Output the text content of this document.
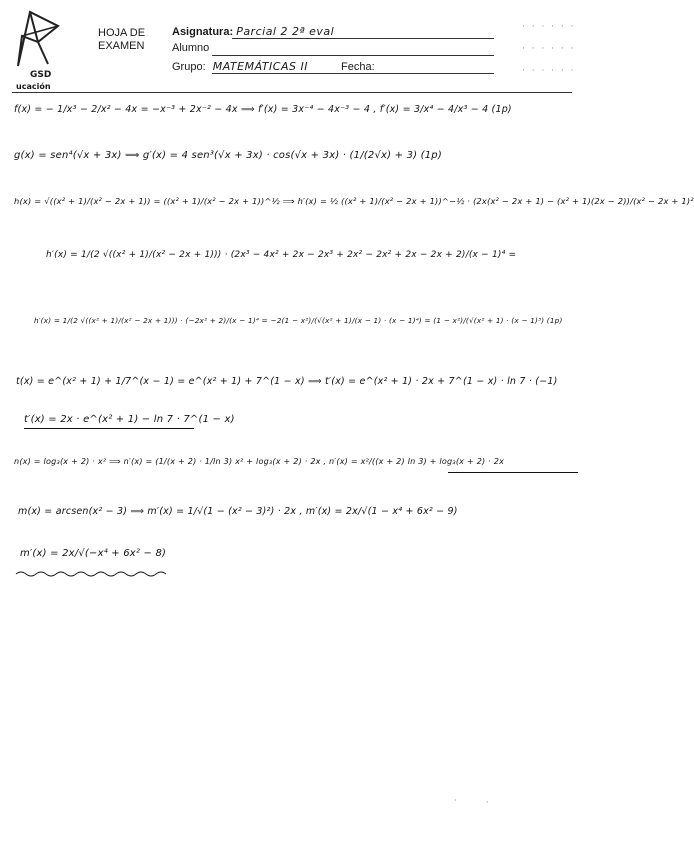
GSD
ucación
HOJA DE EXAMEN
Asignatura: Parcial 2 2ª eval
Alumno
Grupo: MATEMÁTICAS II	Fecha:
· · · · · ·
· · · · · ·
· · · · · ·
f(x) = − 1/x³ − 2/x² − 4x = −x⁻³ + 2x⁻² − 4x ⟹ f′(x) = 3x⁻⁴ − 4x⁻³ − 4 , f′(x) = 3/x⁴ − 4/x³ − 4 (1p)
g(x) = sen⁴(√x + 3x) ⟹ g′(x) = 4 sen³(√x + 3x) · cos(√x + 3x) · (1/(2√x) + 3) (1p)
h(x) = √((x² + 1)/(x² − 2x + 1)) = ((x² + 1)/(x² − 2x + 1))^½ ⟹ h′(x) = ½ ((x² + 1)/(x² − 2x + 1))^−½ · (2x(x² − 2x + 1) − (x² + 1)(2x − 2))/(x² − 2x + 1)²
h′(x) = 1/(2 √((x² + 1)/(x² − 2x + 1))) · (2x³ − 4x² + 2x − 2x³ + 2x² − 2x² + 2x − 2x + 2)/(x − 1)⁴ =
h′(x) = 1/(2 √((x² + 1)/(x² − 2x + 1))) · (−2x² + 2)/(x − 1)⁴ = −2(1 − x²)/(√(x² + 1)/(x − 1) · (x − 1)⁴) = (1 − x²)/(√(x² + 1) · (x − 1)³) (1p)
t(x) = e^(x² + 1) + 1/7^(x − 1) = e^(x² + 1) + 7^(1 − x) ⟹ t′(x) = e^(x² + 1) · 2x + 7^(1 − x) · ln 7 · (−1)
t′(x) = 2x · e^(x² + 1) − ln 7 · 7^(1 − x)
n(x) = log₃(x + 2) · x² ⟹ n′(x) = (1/(x + 2) · 1/ln 3) x² + log₃(x + 2) · 2x , n′(x) = x²/((x + 2) ln 3) + log₃(x + 2) · 2x
m(x) = arcsen(x² − 3) ⟹ m′(x) = 1/√(1 − (x² − 3)²) · 2x , m′(x) = 2x/√(1 − x⁴ + 6x² − 9)
m′(x) = 2x/√(−x⁴ + 6x² − 8)
·	·
